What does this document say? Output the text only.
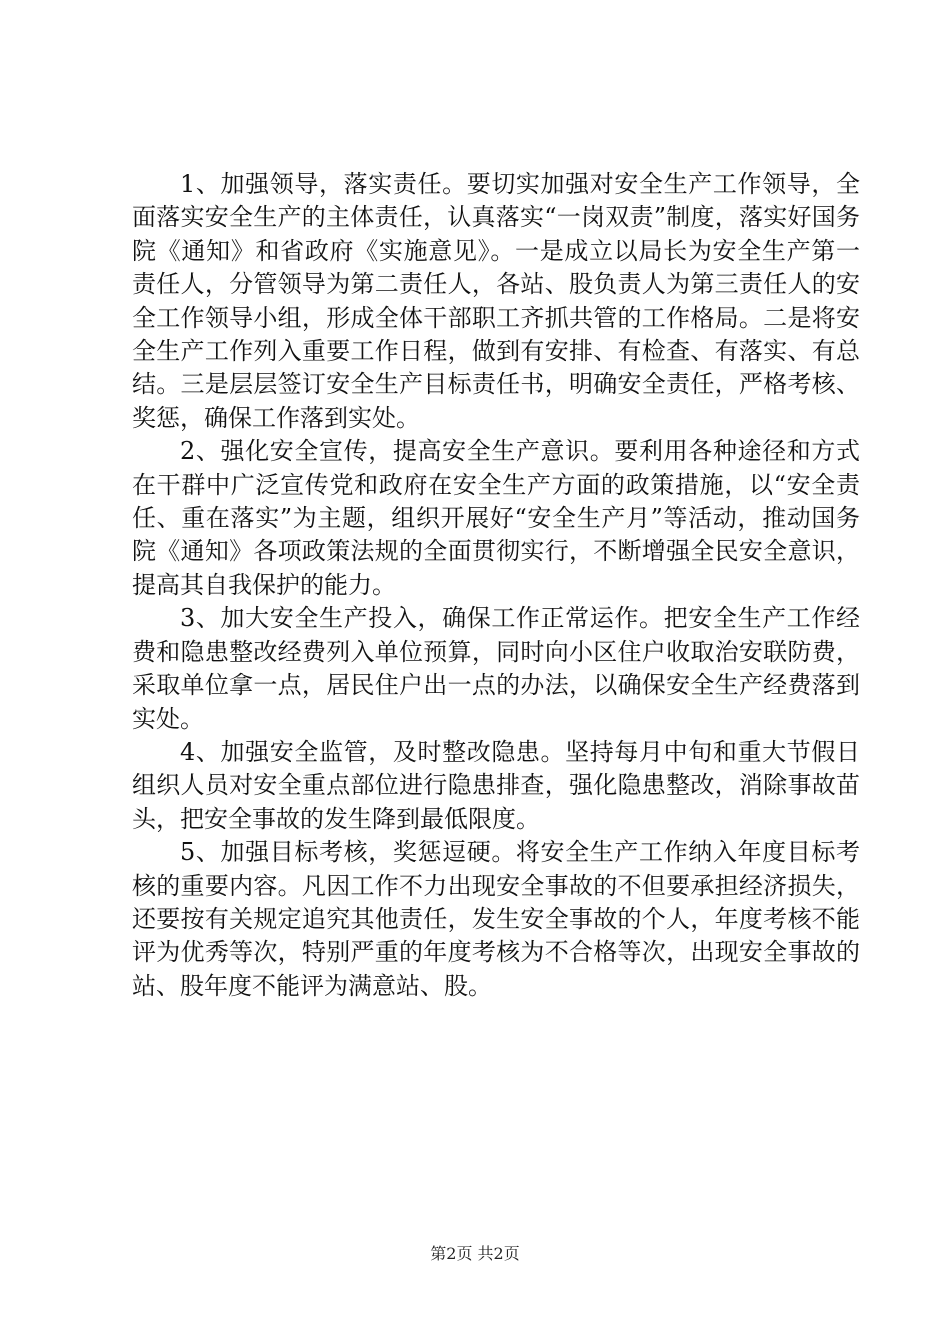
1、加强领导，落实责任。要切实加强对安全生产工作领导，全面落实安全生产的主体责任，认真落实“一岗双责”制度，落实好国务院《通知》和省政府《实施意见》。一是成立以局长为安全生产第一责任人，分管领导为第二责任人，各站、股负责人为第三责任人的安全工作领导小组，形成全体干部职工齐抓共管的工作格局。二是将安全生产工作列入重要工作日程，做到有安排、有检查、有落实、有总结。三是层层签订安全生产目标责任书，明确安全责任，严格考核、奖惩，确保工作落到实处。

2、强化安全宣传，提高安全生产意识。要利用各种途径和方式在干群中广泛宣传党和政府在安全生产方面的政策措施，以“安全责任、重在落实”为主题，组织开展好“安全生产月”等活动，推动国务院《通知》各项政策法规的全面贯彻实行，不断增强全民安全意识，提高其自我保护的能力。

3、加大安全生产投入，确保工作正常运作。把安全生产工作经费和隐患整改经费列入单位预算，同时向小区住户收取治安联防费，采取单位拿一点，居民住户出一点的办法，以确保安全生产经费落到实处。

4、加强安全监管，及时整改隐患。坚持每月中旬和重大节假日组织人员对安全重点部位进行隐患排查，强化隐患整改，消除事故苗头，把安全事故的发生降到最低限度。

5、加强目标考核，奖惩逗硬。将安全生产工作纳入年度目标考核的重要内容。凡因工作不力出现安全事故的不但要承担经济损失，还要按有关规定追究其他责任，发生安全事故的个人，年度考核不能评为优秀等次，特别严重的年度考核为不合格等次，出现安全事故的站、股年度不能评为满意站、股。

第2页 共2页
